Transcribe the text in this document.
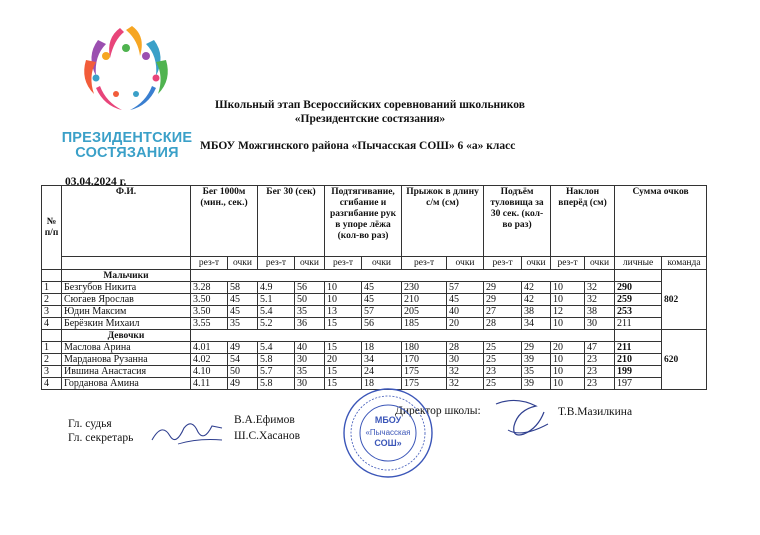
ПРЕЗИДЕНТСКИЕ
СОСТЯЗАНИЯ
Школьный этап Всероссийских соревнований школьников
«Президентские состязания»
МБОУ Можгинского района «Пычасская СОШ» 6 «а» класс
03.04.2024 г.
№ п/п	Ф.И.	Бег 1000м (мин., сек.)		Бег 30 (сек)		Подтягивание, сгибание и разгибание рук в упоре лёжа (кол-во раз)		Прыжок в длину с/м (см)		Подъём туловища за 30 сек. (кол-во раз)		Наклон вперёд (см)		Сумма очков	
		рез-т	очки	рез-т	очки	рез-т	очки	рез-т	очки	рез-т	очки	рез-т	очки	личные	команда
	Мальчики														802
1	Безгубов Никита	3.28	58	4.9	56	10	45	230	57	29	42	10	32	290	
2	Сюгаев Ярослав	3.50	45	5.1	50	10	45	210	45	29	42	10	32	259	
3	Юдин Максим	3.50	45	5.4	35	13	57	205	40	27	38	12	38	253	
4	Берёзкин Михаил	3.55	35	5.2	36	15	56	185	20	28	34	10	30	211	
	Девочки														620
1	Маслова Арина	4.01	49	5.4	40	15	18	180	28	25	29	20	47	211	
2	Марданова Рузанна	4.02	54	5.8	30	20	34	170	30	25	39	10	23	210	
3	Ившина Анастасия	4.10	50	5.7	35	15	24	175	32	23	35	10	23	199	
4	Горданова Амина	4.11	49	5.8	30	15	18	175	32	25	39	10	23	197	
Гл. судья
Гл. секретарь
В.А.Ефимов
Ш.С.Хасанов
Директор школы:	Т.В.Мазилкина
МБОУ
«Пычасская
СОШ»
